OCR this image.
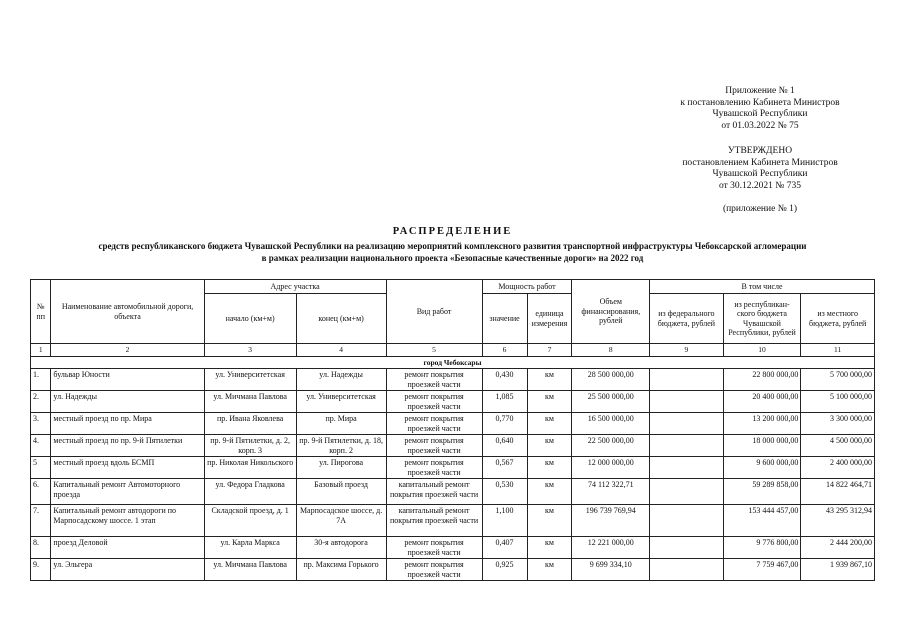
Приложение № 1
к постановлению Кабинета Министров
Чувашской Республики
от 01.03.2022 № 75
УТВЕРЖДЕНО
постановлением Кабинета Министров
Чувашской Республики
от 30.12.2021 № 735
(приложение № 1)
РАСПРЕДЕЛЕНИЕ
средств республиканского бюджета Чувашской Республики на реализацию мероприятий комплексного развития транспортной инфраструктуры Чебоксарской агломерации
в рамках реализации национального проекта «Безопасные качественные дороги» на 2022 год
№ пп	Наименование автомобильной дороги, объекта	Адрес участка		Вид работ	Мощность работ		Объем финансирования, рублей	В том числе		
		начало (км+м)	конец (км+м)		значение	единица измерения		из федерального бюджета, рублей	из республикан-ского бюджета Чувашской Республики, рублей	из местного бюджета, рублей
1	2	3	4	5	6	7	8	9	10	11
город Чебоксары										
1.	бульвар Юности	ул. Университетская	ул. Надежды	ремонт покрытия проезжей части	0,430	км	28 500 000,00		22 800 000,00	5 700 000,00
2.	ул. Надежды	ул. Мичмана Павлова	ул. Университетская	ремонт покрытия проезжей части	1,085	км	25 500 000,00		20 400 000,00	5 100 000,00
3.	местный проезд по пр. Мира	пр. Ивана Яковлева	пр. Мира	ремонт покрытия проезжей части	0,770	км	16 500 000,00		13 200 000,00	3 300 000,00
4.	местный проезд по пр. 9-й Пятилетки	пр. 9-й Пятилетки, д. 2, корп. 3	пр. 9-й Пятилетки, д. 18, корп. 2	ремонт покрытия проезжей части	0,640	км	22 500 000,00		18 000 000,00	4 500 000,00
5	местный проезд вдоль БСМП	пр. Николая Никольского	ул. Пирогова	ремонт покрытия проезжей части	0,567	км	12 000 000,00		9 600 000,00	2 400 000,00
6.	Капитальный ремонт Автомоторного проезда	ул. Федора Гладкова	Базовый проезд	капитальный ремонт покрытия проезжей части	0,530	км	74 112 322,71		59 289 858,00	14 822 464,71
7.	Капитальный ремонт автодороги по Марпосадскому шоссе. 1 этап	Складской проезд, д. 1	Марпосадское шоссе, д. 7А	капитальный ремонт покрытия проезжей части	1,100	км	196 739 769,94		153 444 457,00	43 295 312,94
8.	проезд Деловой	ул. Карла Маркса	30-я автодорога	ремонт покрытия проезжей части	0,407	км	12 221 000,00		9 776 800,00	2 444 200,00
9.	ул. Эльгера	ул. Мичмана Павлова	пр. Максима Горького	ремонт покрытия проезжей части	0,925	км	9 699 334,10		7 759 467,00	1 939 867,10
